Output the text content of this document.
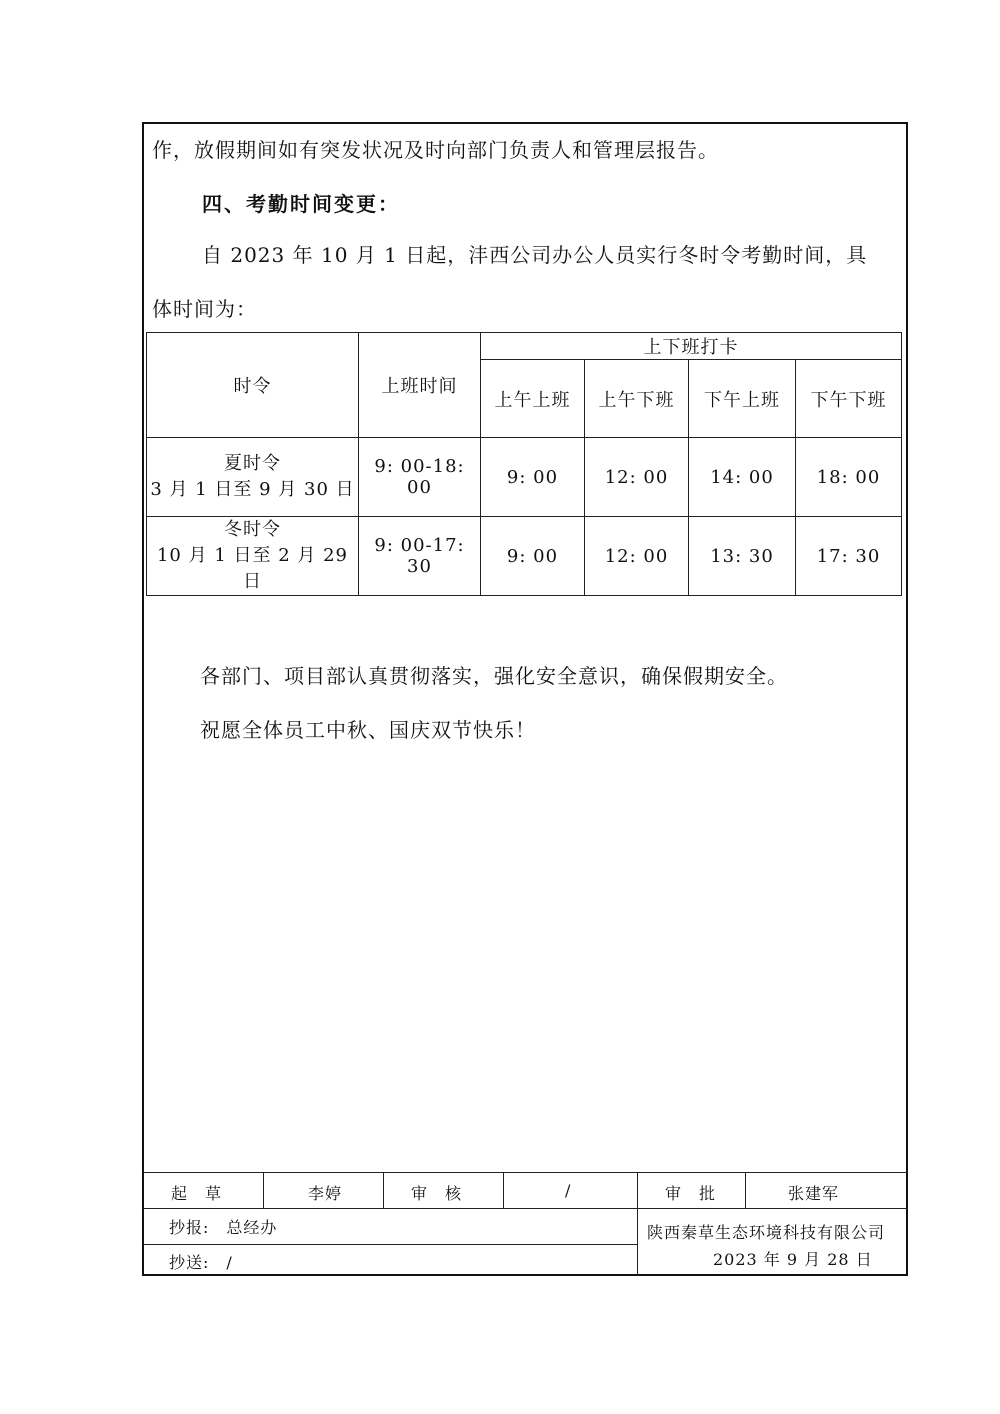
作，放假期间如有突发状况及时向部门负责人和管理层报告。
四、考勤时间变更：
自 2023 年 10 月 1 日起，沣西公司办公人员实行冬时令考勤时间，具
体时间为：
时令	上班时间	上下班打卡			
		上午上班	上午下班	下午上班	下午下班

夏时令
3 月 1 日至 9 月 30 日	9: 00-18: 00	9: 00	12: 00	14: 00	18: 00

冬时令
10 月 1 日至 2 月 29 日	9: 00-17: 30	9: 00	12: 00	13: 30	17: 30
各部门、项目部认真贯彻落实，强化安全意识，确保假期安全。
祝愿全体员工中秋、国庆双节快乐！
起　草	李婷	审　核	/	审　批	张建军
抄报:　总经办
抄送:　/
陕西秦草生态环境科技有限公司
2023 年 9 月 28 日
